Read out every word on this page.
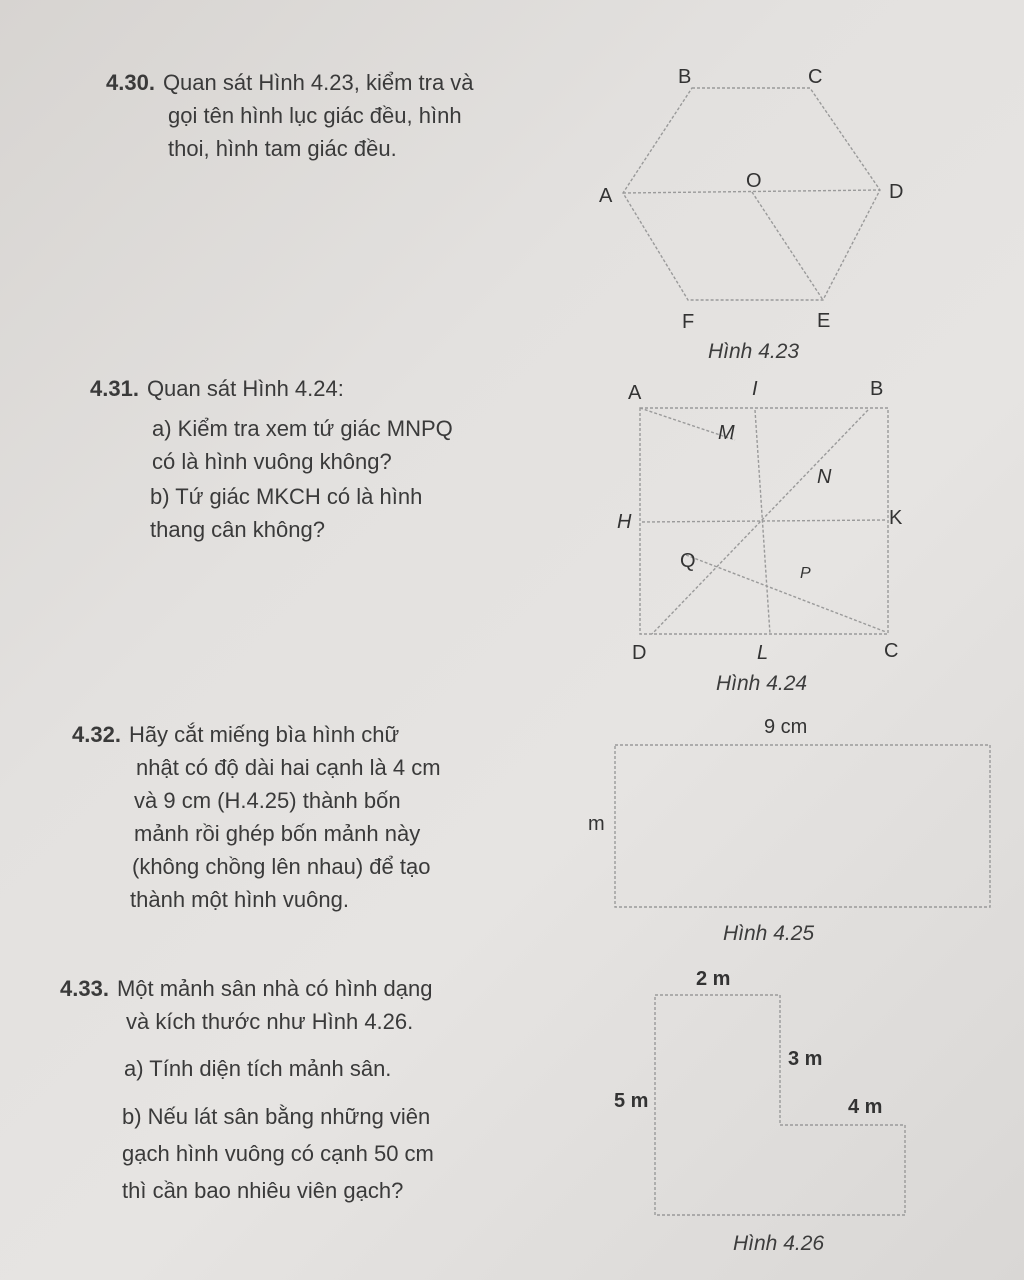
4.30. Quan sát Hình 4.23, kiểm tra và
gọi tên hình lục giác đều, hình
thoi, hình tam giác đều.
B	C
A
O	D
F	E
Hình 4.23
4.31. Quan sát Hình 4.24:
a) Kiểm tra xem tứ giác MNPQ
có là hình vuông không?
b) Tứ giác MKCH có là hình
thang cân không?
A	I	B
M
N
H	K
Q
P
D	L	C
Hình 4.24
4.32. Hãy cắt miếng bìa hình chữ
nhật có độ dài hai cạnh là 4 cm
và 9 cm (H.4.25) thành bốn
mảnh rồi ghép bốn mảnh này
(không chồng lên nhau) để tạo
thành một hình vuông.
9 cm
m
Hình 4.25
4.33. Một mảnh sân nhà có hình dạng
và kích thước như Hình 4.26.
a) Tính diện tích mảnh sân.
b) Nếu lát sân bằng những viên
gạch hình vuông có cạnh 50 cm
thì cần bao nhiêu viên gạch?
2 m
3 m
5 m	4 m
Hình 4.26
